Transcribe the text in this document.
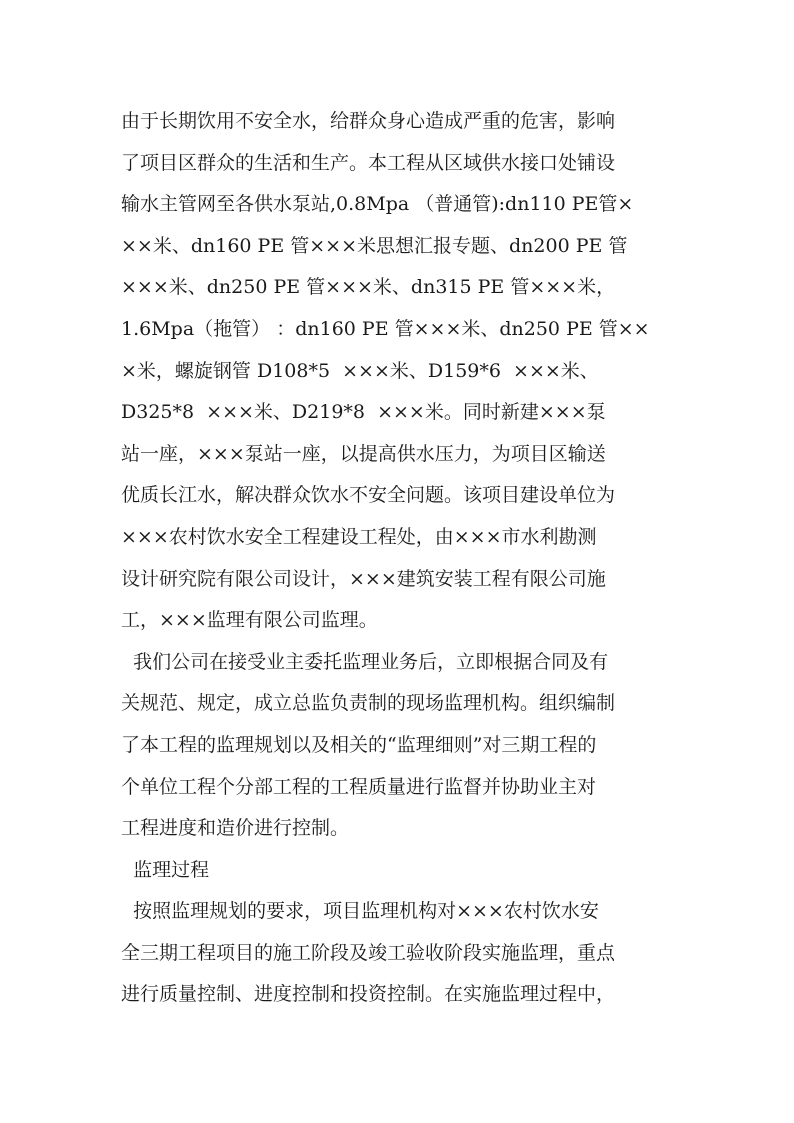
由于长期饮用不安全水，给群众身心造成严重的危害，影响
了项目区群众的生活和生产。本工程从区域供水接口处铺设
输水主管网至各供水泵站,0.8Mpa （普通管):dn110 PE管×
××米、dn160 PE 管×××米思想汇报专题、dn200 PE 管
×××米、dn250 PE 管×××米、dn315 PE 管×××米，
1.6Mpa（拖管） ：dn160 PE 管×××米、dn250 PE 管××
×米，螺旋钢管 D108*5  ×××米、D159*6  ×××米、
D325*8  ×××米、D219*8  ×××米。同时新建×××泵
站一座，×××泵站一座，以提高供水压力，为项目区输送
优质长江水，解决群众饮水不安全问题。该项目建设单位为
×××农村饮水安全工程建设工程处，由×××市水利勘测
设计研究院有限公司设计，×××建筑安装工程有限公司施
工，×××监理有限公司监理。
我们公司在接受业主委托监理业务后，立即根据合同及有
关规范、规定，成立总监负责制的现场监理机构。组织编制
了本工程的监理规划以及相关的“监理细则”对三期工程的
个单位工程个分部工程的工程质量进行监督并协助业主对
工程进度和造价进行控制。
监理过程
按照监理规划的要求，项目监理机构对×××农村饮水安
全三期工程项目的施工阶段及竣工验收阶段实施监理，重点
进行质量控制、进度控制和投资控制。在实施监理过程中，
